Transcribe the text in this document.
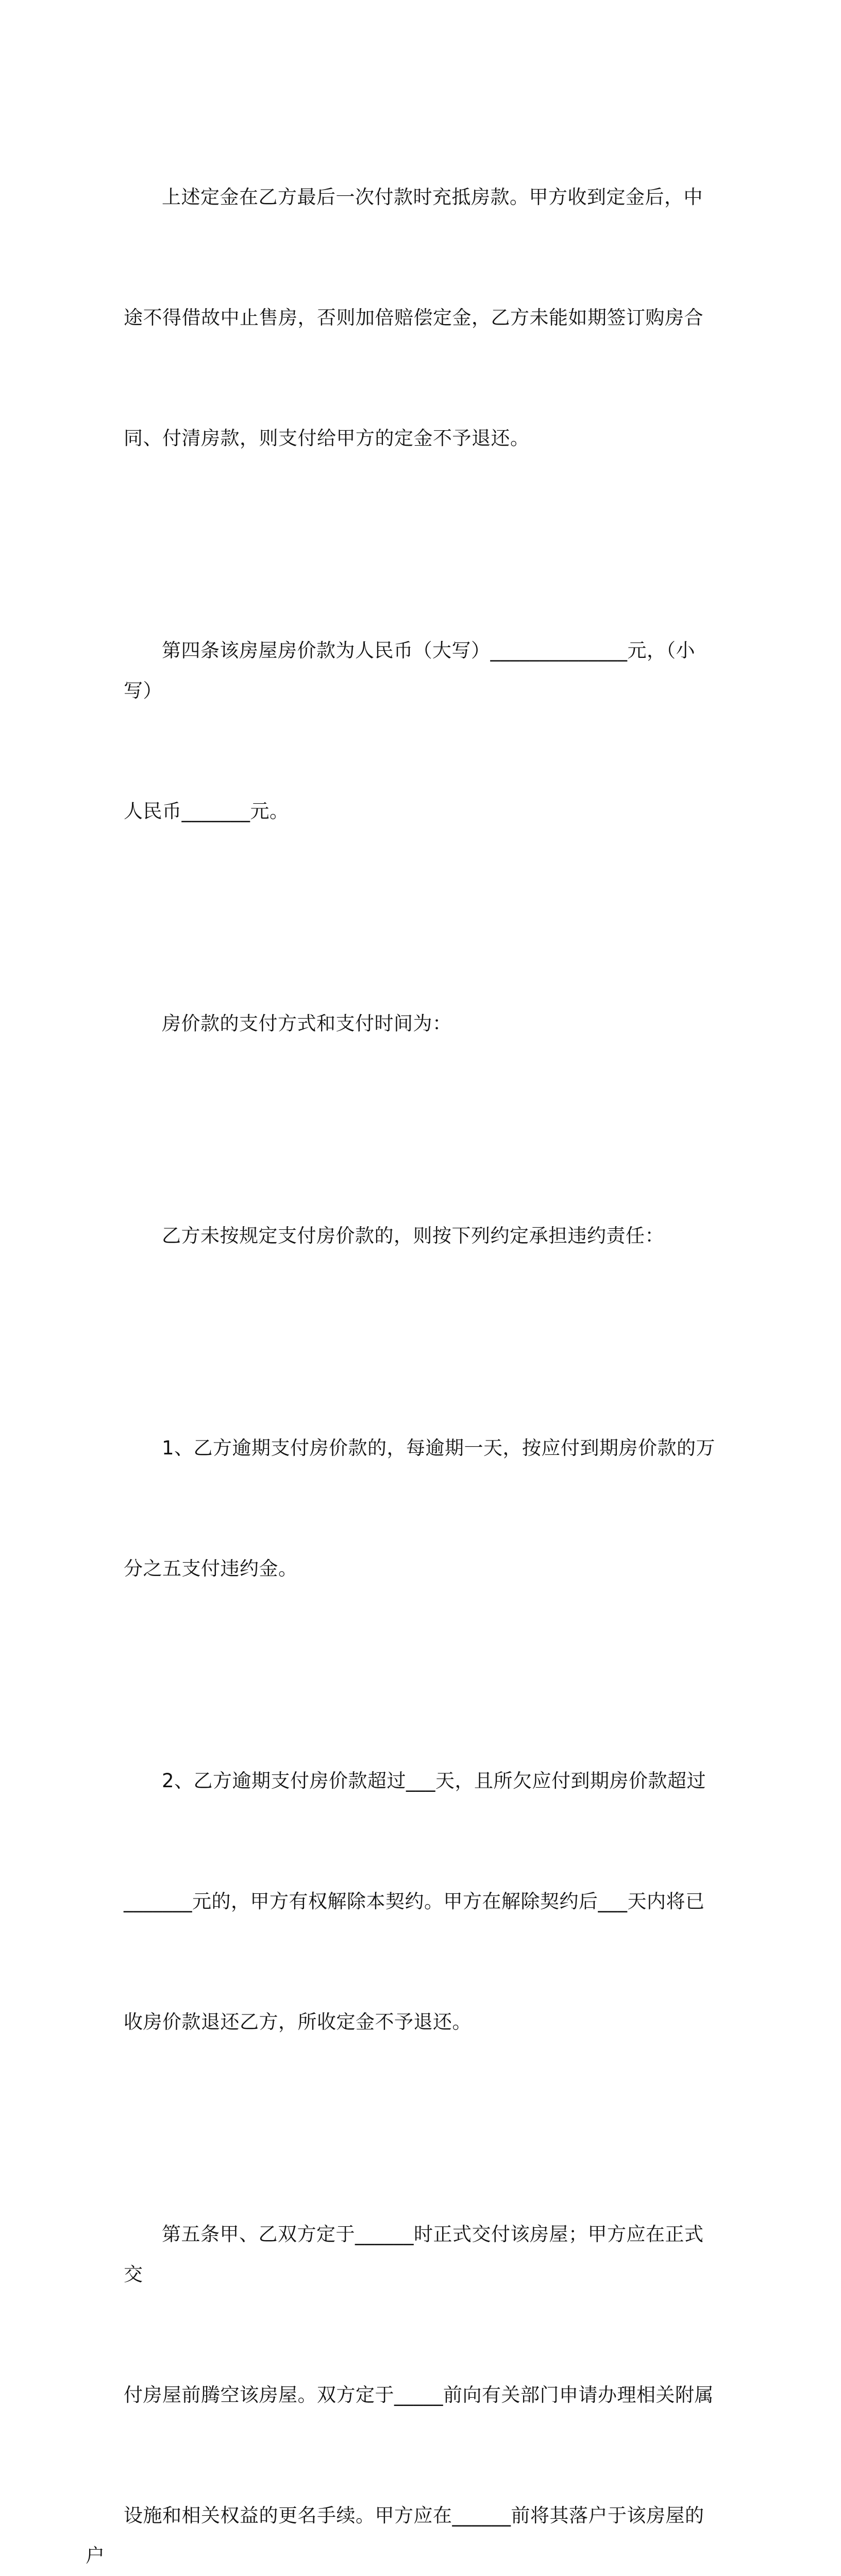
上述定金在乙方最后一次付款时充抵房款。甲方收到定金后，中

途不得借故中止售房，否则加倍赔偿定金，乙方未能如期签订购房合

同、付清房款，则支付给甲方的定金不予退还。

第四条该房屋房价款为人民币（大写）______________元，（小写）

人民币_______元。

房价款的支付方式和支付时间为：

乙方未按规定支付房价款的，则按下列约定承担违约责任：

1、乙方逾期支付房价款的，每逾期一天，按应付到期房价款的万

分之五支付违约金。

2、乙方逾期支付房价款超过___天，且所欠应付到期房价款超过

_______元的，甲方有权解除本契约。甲方在解除契约后___天内将已

收房价款退还乙方，所收定金不予退还。

第五条甲、乙双方定于______时正式交付该房屋；甲方应在正式交

付房屋前腾空该房屋。双方定于_____前向有关部门申请办理相关附属

设施和相关权益的更名手续。甲方应在______前将其落户于该房屋的户
